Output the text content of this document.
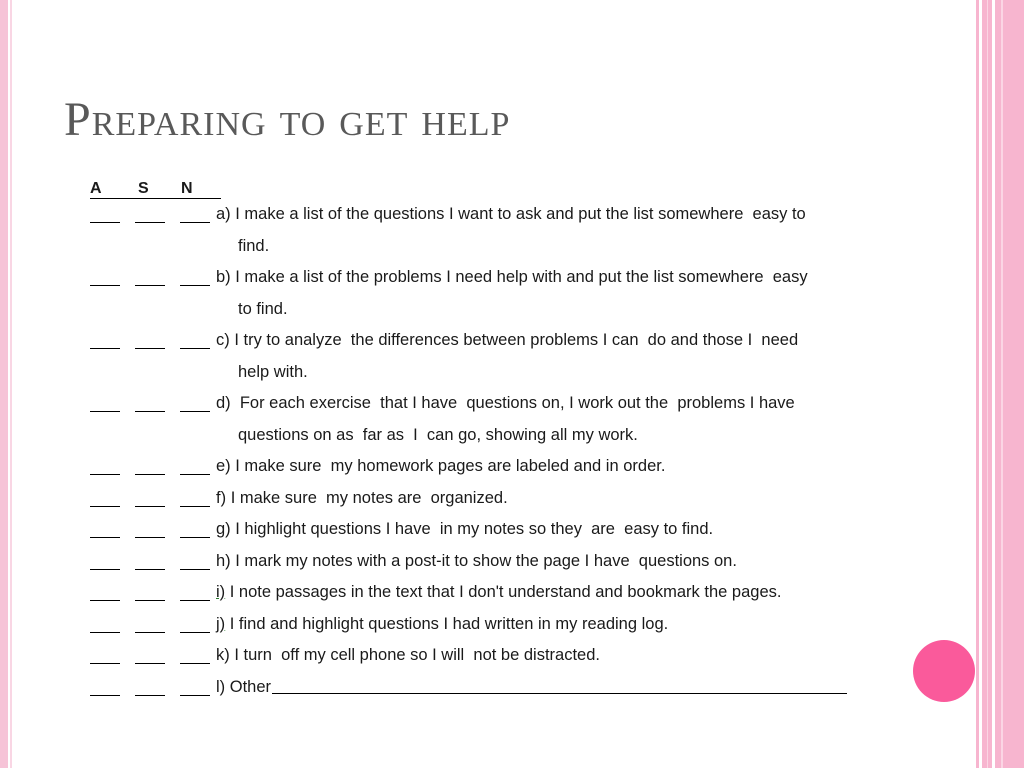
Preparing to get help
A	S	N
a) I make a list of the questions I want to ask and put the list somewhere  easy to
find.
b) I make a list of the problems I need help with and put the list somewhere  easy
to find.
c) I try to analyze  the differences between problems I can  do and those I  need
help with.
d)  For each exercise  that I have  questions on, I work out the  problems I have
questions on as  far as  I  can go, showing all my work.
e) I make sure  my homework pages are labeled and in order.
f) I make sure  my notes are  organized.
g) I highlight questions I have  in my notes so they  are  easy to find.
h) I mark my notes with a post-it to show the page I have  questions on.
i) I note passages in the text that I don't understand and bookmark the pages.
j) I find and highlight questions I had written in my reading log.
k) I turn  off my cell phone so I will  not be distracted.
l) Other
